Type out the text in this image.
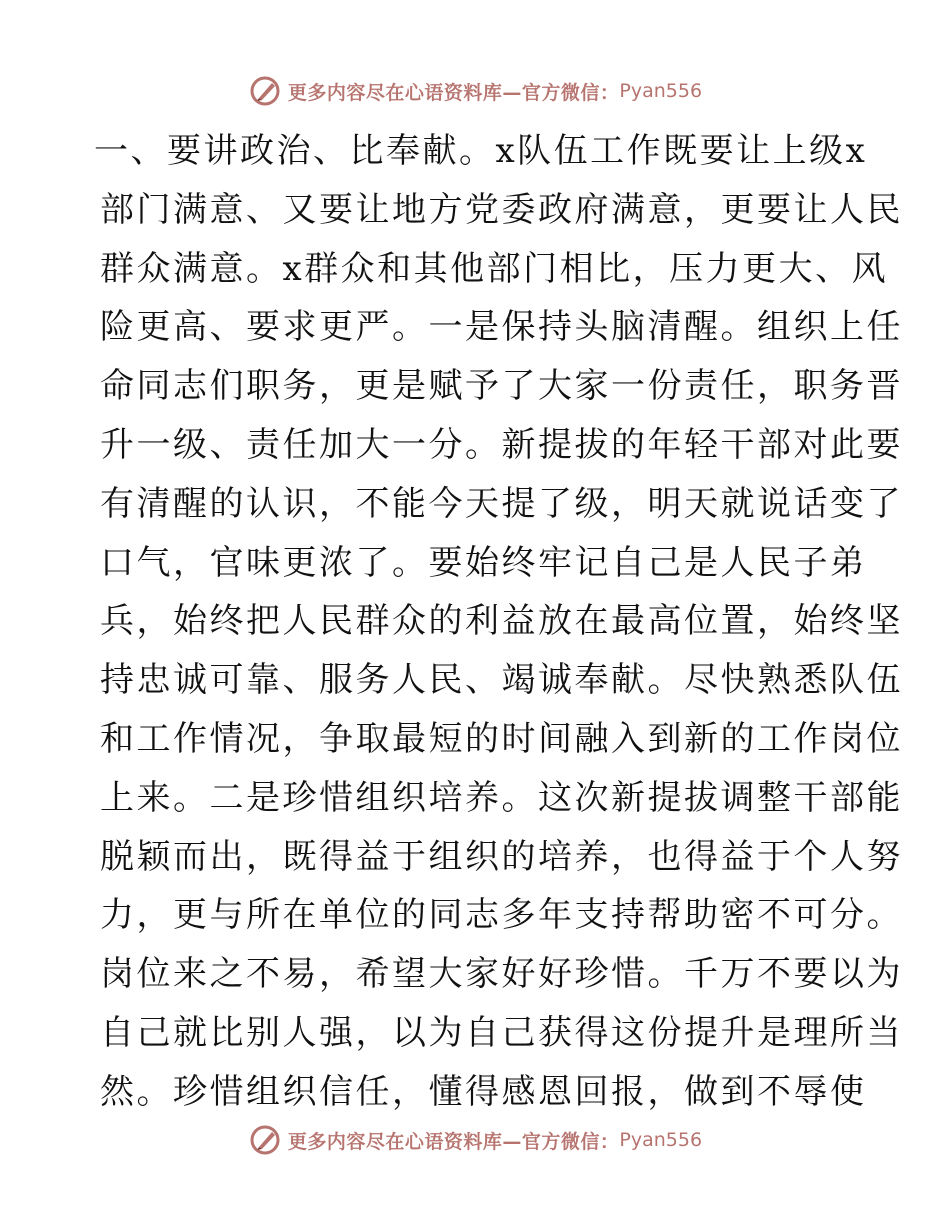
更多内容尽在心语资料库—官方微信： Pyan556
一、要讲政治、比奉献。x队伍工作既要让上级x
部门满意、又要让地方党委政府满意，更要让人民
群众满意。x群众和其他部门相比，压力更大、风
险更高、要求更严。一是保持头脑清醒。组织上任
命同志们职务，更是赋予了大家一份责任，职务晋
升一级、责任加大一分。新提拔的年轻干部对此要
有清醒的认识，不能今天提了级，明天就说话变了
口气，官味更浓了。要始终牢记自己是人民子弟
兵，始终把人民群众的利益放在最高位置，始终坚
持忠诚可靠、服务人民、竭诚奉献。尽快熟悉队伍
和工作情况，争取最短的时间融入到新的工作岗位
上来。二是珍惜组织培养。这次新提拔调整干部能
脱颖而出，既得益于组织的培养，也得益于个人努
力，更与所在单位的同志多年支持帮助密不可分。
岗位来之不易，希望大家好好珍惜。千万不要以为
自己就比别人强，以为自己获得这份提升是理所当
然。珍惜组织信任，懂得感恩回报，做到不辱使
更多内容尽在心语资料库—官方微信： Pyan556
